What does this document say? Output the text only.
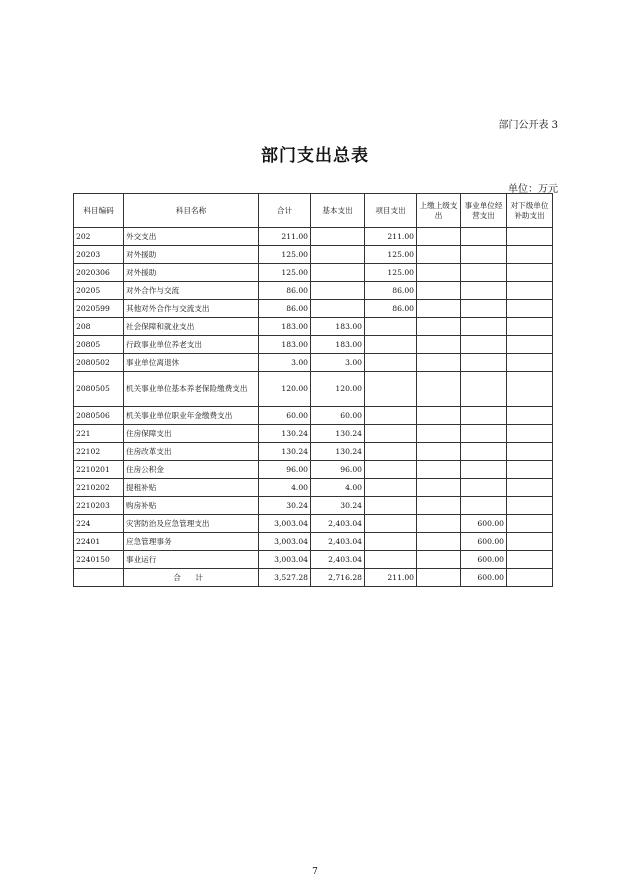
部门公开表 3
部门支出总表
单位：万元
科目编码	科目名称	合计	基本支出	项目支出	上缴上级支出	事业单位经营支出	对下级单位补助支出
202	外交支出	211.00		211.00			
20203	对外援助	125.00		125.00			
2020306	对外援助	125.00		125.00			
20205	对外合作与交流	86.00		86.00			
2020599	其他对外合作与交流支出	86.00		86.00			
208	社会保障和就业支出	183.00	183.00				
20805	行政事业单位养老支出	183.00	183.00				
2080502	事业单位离退休	3.00	3.00				
2080505	机关事业单位基本养老保险缴费支出	120.00	120.00				
2080506	机关事业单位职业年金缴费支出	60.00	60.00				
221	住房保障支出	130.24	130.24				
22102	住房改革支出	130.24	130.24				
2210201	住房公积金	96.00	96.00				
2210202	提租补贴	4.00	4.00				
2210203	购房补贴	30.24	30.24				
224	灾害防治及应急管理支出	3,003.04	2,403.04			600.00	
22401	应急管理事务	3,003.04	2,403.04			600.00	
2240150	事业运行	3,003.04	2,403.04			600.00	
	合 计	3,527.28	2,716.28	211.00		600.00	
7
